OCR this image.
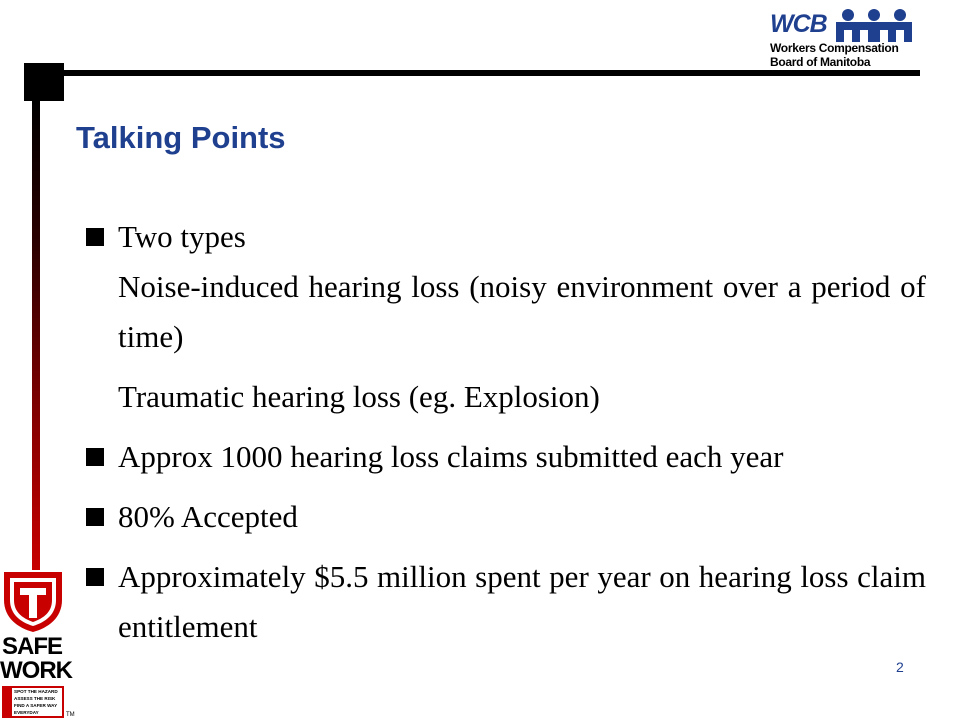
WCB
Workers Compensation
Board of Manitoba
Talking Points
Two types
Noise-induced hearing loss (noisy environment over a period of time)
Traumatic hearing loss (eg. Explosion)
Approx 1000 hearing loss claims submitted each year
80% Accepted
Approximately $5.5 million spent per year on hearing loss claim entitlement
2
SAFE
WORK
SPOT THE HAZARD
ASSESS THE RISK
FIND A SAFER WAY
EVERYDAY	TM
